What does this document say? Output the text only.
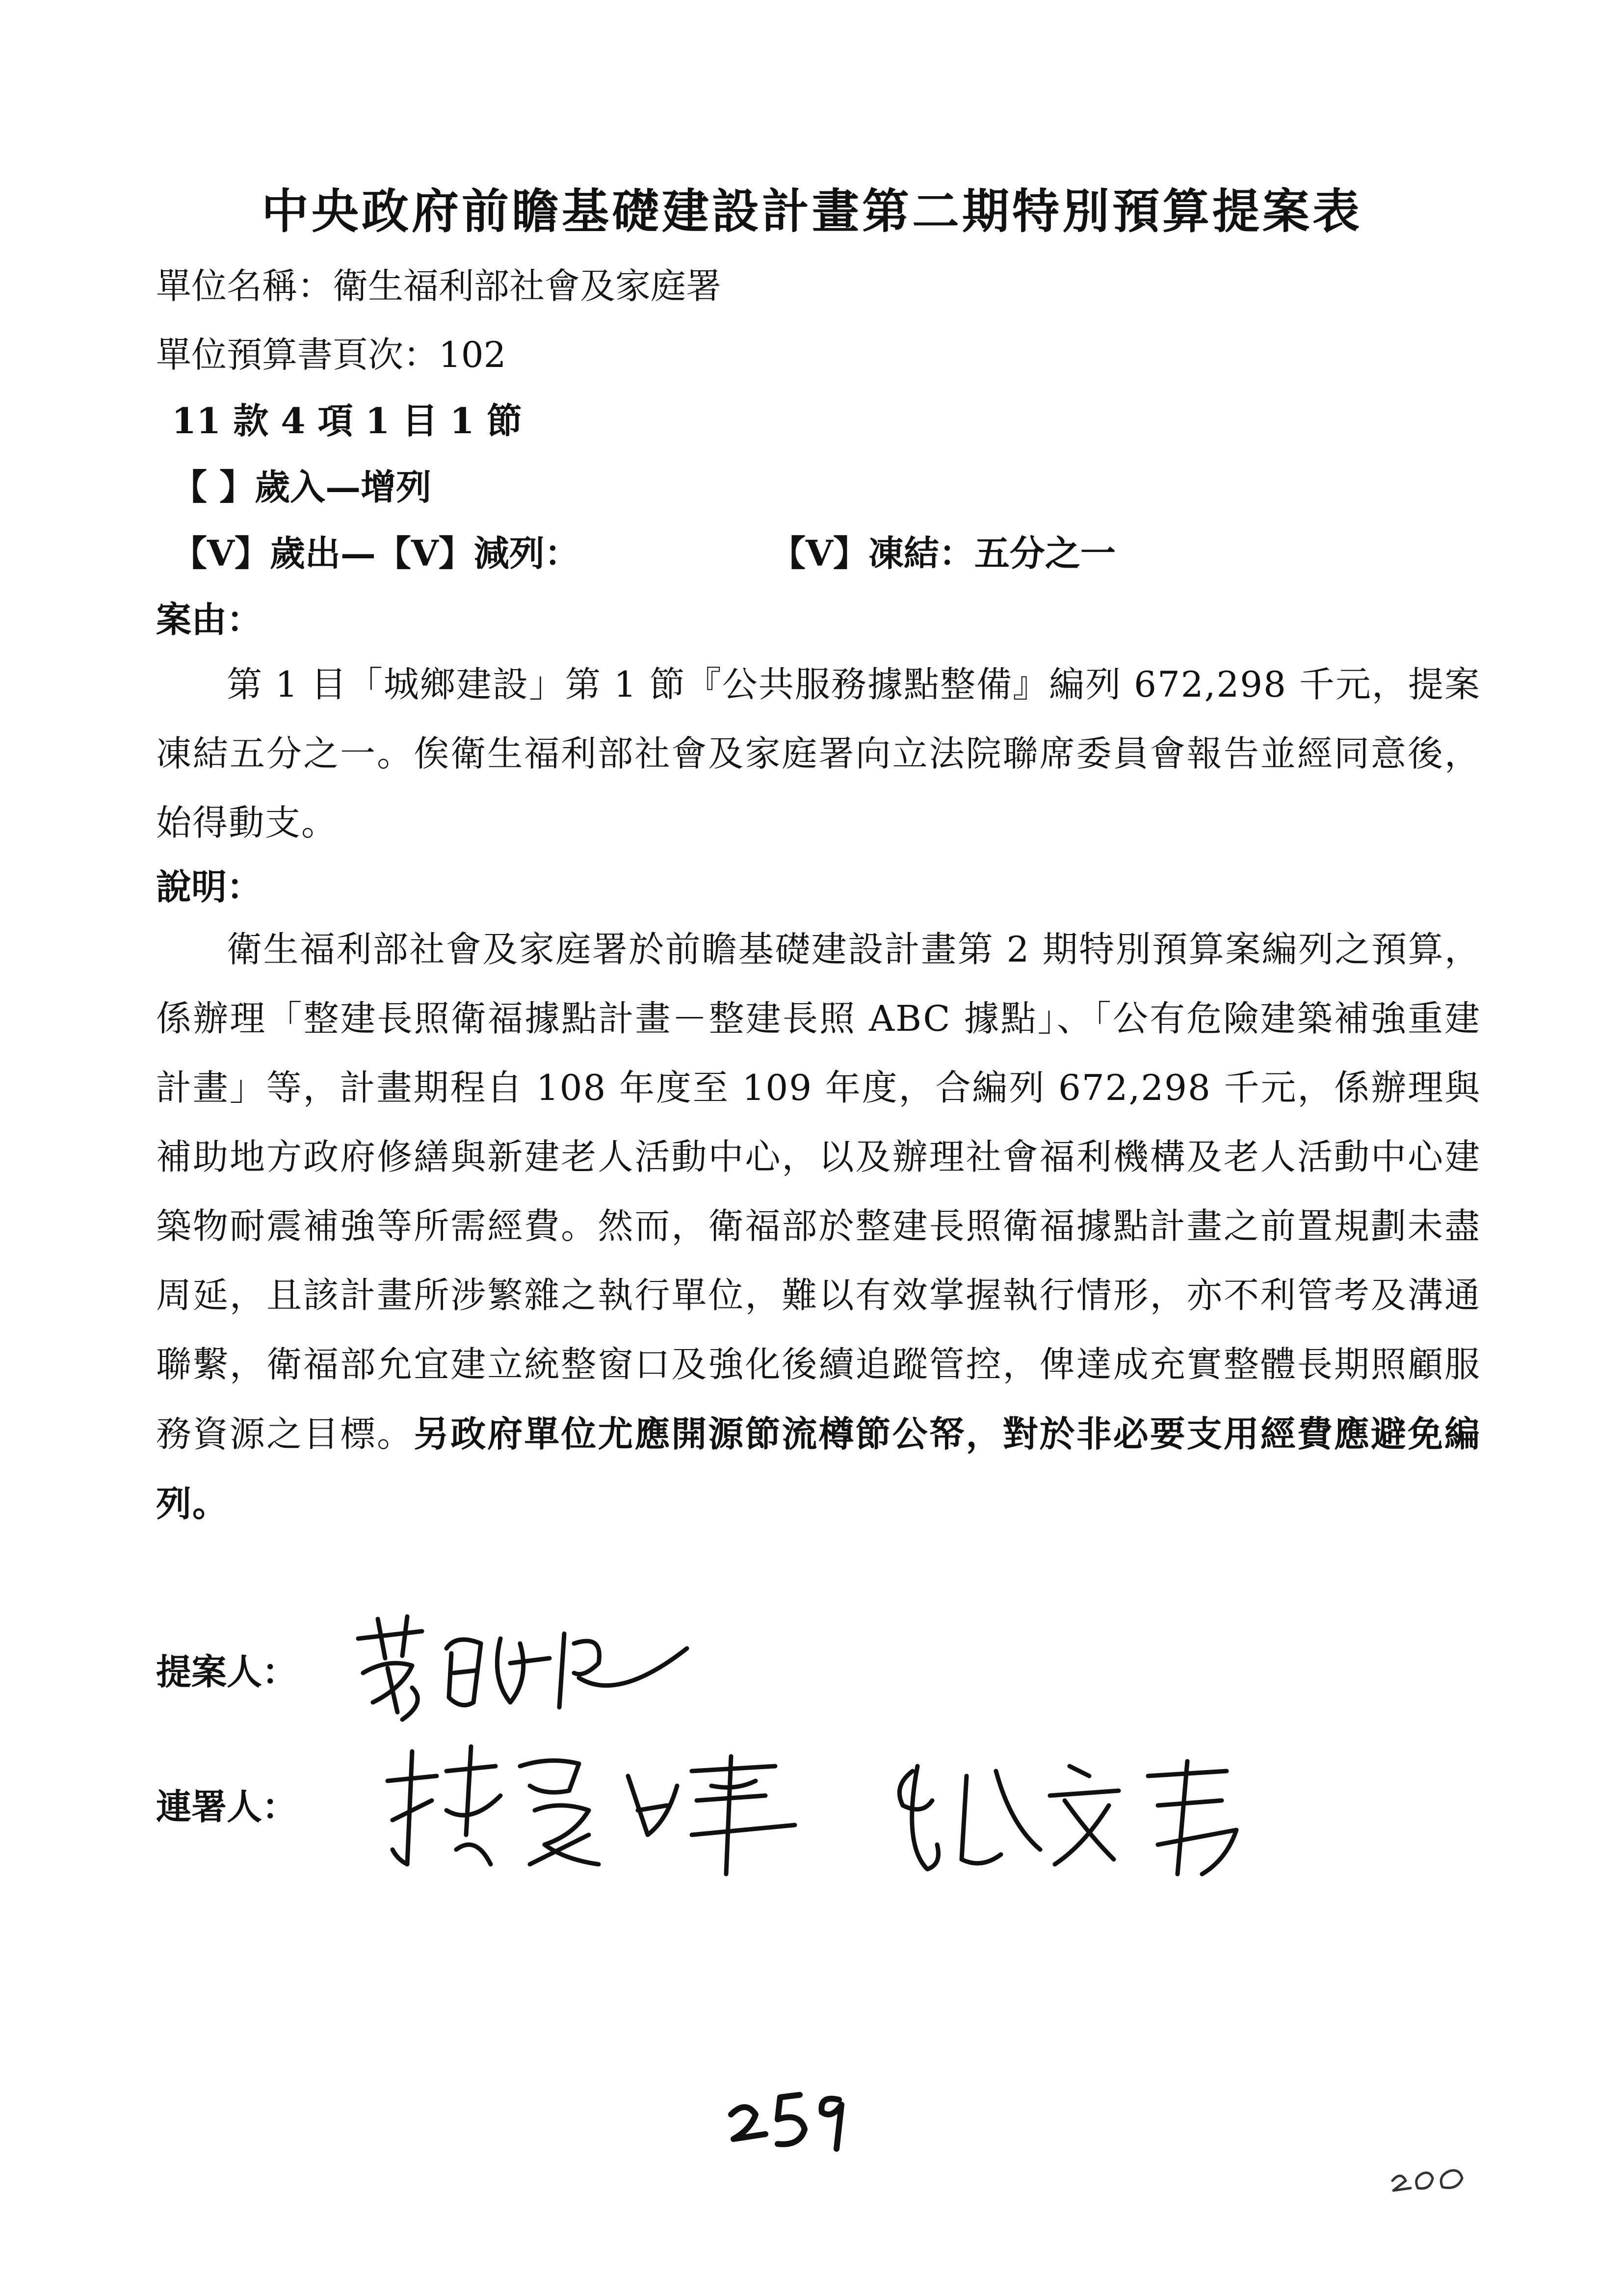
中央政府前瞻基礎建設計畫第二期特別預算提案表
單位名稱：衛生福利部社會及家庭署
單位預算書頁次：102
11 款 4 項 1 目 1 節
【 】歲入—增列
【V】歲出—【V】減列：	【V】凍結：五分之一
案由：
第 1 目「城鄉建設」第 1 節『公共服務據點整備』編列 672,298 千元，提案凍結五分之一。俟衛生福利部社會及家庭署向立法院聯席委員會報告並經同意後，始得動支。
說明：
衛生福利部社會及家庭署於前瞻基礎建設計畫第 2 期特別預算案編列之預算，係辦理「整建長照衛福據點計畫－整建長照 ABC 據點」、「公有危險建築補強重建計畫」等，計畫期程自 108 年度至 109 年度，合編列 672,298 千元，係辦理與補助地方政府修繕與新建老人活動中心，以及辦理社會福利機構及老人活動中心建築物耐震補強等所需經費。然而，衛福部於整建長照衛福據點計畫之前置規劃未盡周延，且該計畫所涉繁雜之執行單位，難以有效掌握執行情形，亦不利管考及溝通聯繫，衛福部允宜建立統整窗口及強化後續追蹤管控，俾達成充實整體長期照顧服務資源之目標。另政府單位尤應開源節流樽節公帑，對於非必要支用經費應避免編列。
提案人：
連署人：
